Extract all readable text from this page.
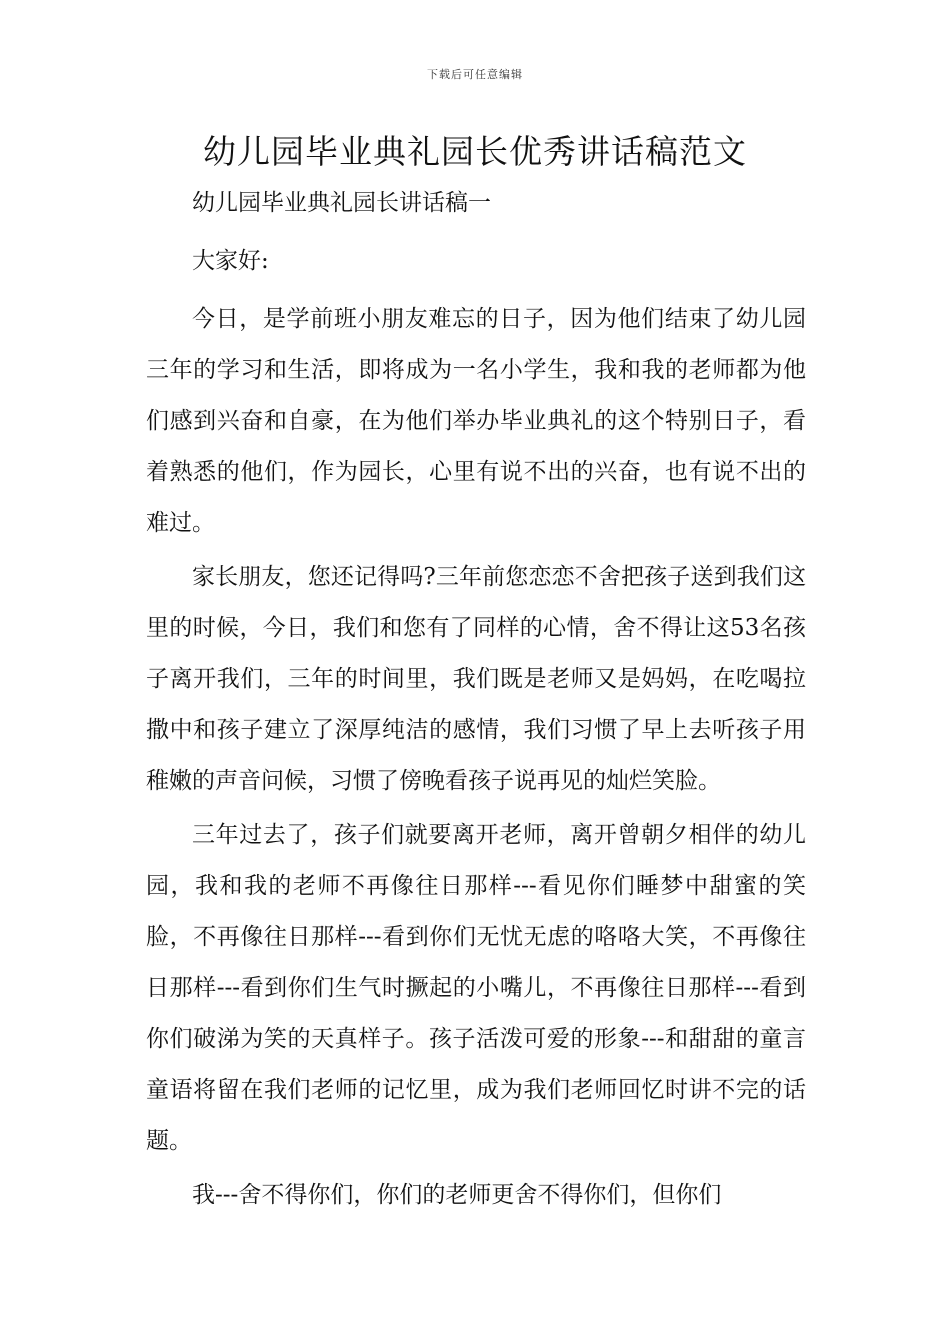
下载后可任意编辑
幼儿园毕业典礼园长优秀讲话稿范文

幼儿园毕业典礼园长讲话稿一

大家好:

今日，是学前班小朋友难忘的日子，因为他们结束了幼儿园三年的学习和生活，即将成为一名小学生，我和我的老师都为他们感到兴奋和自豪，在为他们举办毕业典礼的这个特别日子，看着熟悉的他们，作为园长，心里有说不出的兴奋，也有说不出的难过。

家长朋友，您还记得吗?三年前您恋恋不舍把孩子送到我们这里的时候，今日，我们和您有了同样的心情，舍不得让这53名孩子离开我们，三年的时间里，我们既是老师又是妈妈，在吃喝拉撒中和孩子建立了深厚纯洁的感情，我们习惯了早上去听孩子用稚嫩的声音问候，习惯了傍晚看孩子说再见的灿烂笑脸。

三年过去了，孩子们就要离开老师，离开曾朝夕相伴的幼儿园，我和我的老师不再像往日那样---看见你们睡梦中甜蜜的笑脸，不再像往日那样---看到你们无忧无虑的咯咯大笑，不再像往日那样---看到你们生气时撅起的小嘴儿，不再像往日那样---看到你们破涕为笑的天真样子。孩子活泼可爱的形象---和甜甜的童言童语将留在我们老师的记忆里，成为我们老师回忆时讲不完的话题。

我---舍不得你们，你们的老师更舍不得你们，但你们
